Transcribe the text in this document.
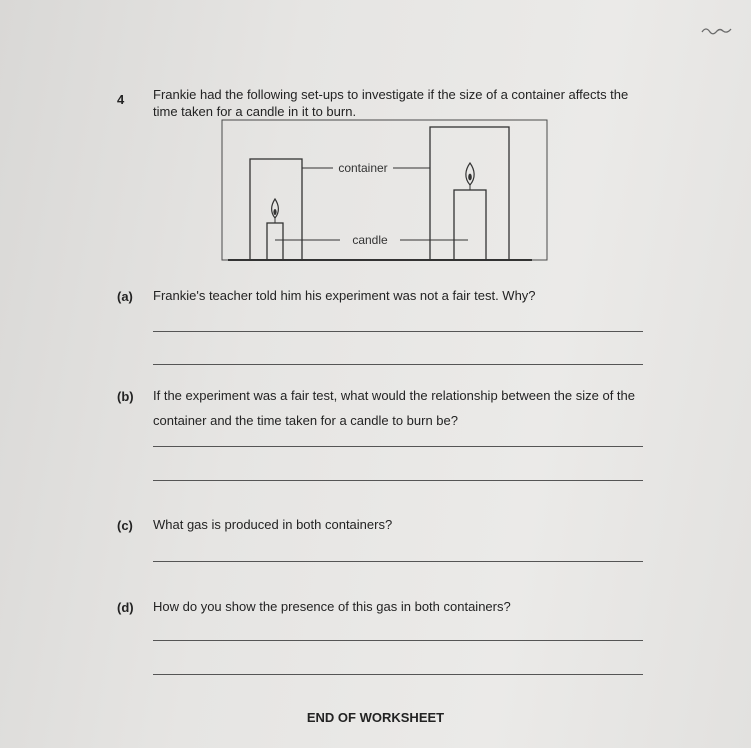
4 Frankie had the following set-ups to investigate if the size of a container affects the time taken for a candle in it to burn.
container
candle
(a) Frankie's teacher told him his experiment was not a fair test. Why?
(b) If the experiment was a fair test, what would the relationship between the size of the container and the time taken for a candle to burn be?
(c) What gas is produced in both containers?
(d) How do you show the presence of this gas in both containers?
END OF WORKSHEET
